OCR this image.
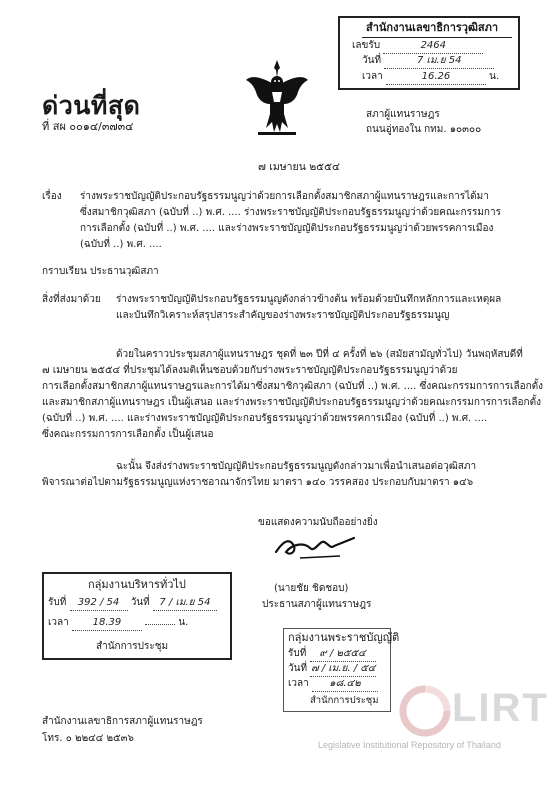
สำนักงานเลขาธิการวุฒิสภา
เลขรับ	2464
วันที่	7 เม.ย 54
เวลา	16.26	น.
ด่วนที่สุด
ที่ สผ ๐๐๑๔/๓๗๓๔
สภาผู้แทนราษฎร
ถนนอู่ทองใน กทม. ๑๐๓๐๐
๗ เมษายน ๒๕๕๔
เรื่อง ร่างพระราชบัญญัติประกอบรัฐธรรมนูญว่าด้วยการเลือกตั้งสมาชิกสภาผู้แทนราษฎรและการได้มา
ซึ่งสมาชิกวุฒิสภา (ฉบับที่ ..) พ.ศ. .... ร่างพระราชบัญญัติประกอบรัฐธรรมนูญว่าด้วยคณะกรรมการ
การเลือกตั้ง (ฉบับที่ ..) พ.ศ. .... และร่างพระราชบัญญัติประกอบรัฐธรรมนูญว่าด้วยพรรคการเมือง
(ฉบับที่ ..) พ.ศ. ....
กราบเรียน ประธานวุฒิสภา
สิ่งที่ส่งมาด้วย ร่างพระราชบัญญัติประกอบรัฐธรรมนูญดังกล่าวข้างต้น พร้อมด้วยบันทึกหลักการและเหตุผล
และบันทึกวิเคราะห์สรุปสาระสำคัญของร่างพระราชบัญญัติประกอบรัฐธรรมนูญ
ด้วยในคราวประชุมสภาผู้แทนราษฎร ชุดที่ ๒๓ ปีที่ ๔ ครั้งที่ ๒๖ (สมัยสามัญทั่วไป) วันพฤหัสบดีที่
๗ เมษายน ๒๕๕๔ ที่ประชุมได้ลงมติเห็นชอบด้วยกับร่างพระราชบัญญัติประกอบรัฐธรรมนูญว่าด้วย
การเลือกตั้งสมาชิกสภาผู้แทนราษฎรและการได้มาซึ่งสมาชิกวุฒิสภา (ฉบับที่ ..) พ.ศ. .... ซึ่งคณะกรรมการการเลือกตั้ง
และสมาชิกสภาผู้แทนราษฎร เป็นผู้เสนอ และร่างพระราชบัญญัติประกอบรัฐธรรมนูญว่าด้วยคณะกรรมการการเลือกตั้ง
(ฉบับที่ ..) พ.ศ. .... และร่างพระราชบัญญัติประกอบรัฐธรรมนูญว่าด้วยพรรคการเมือง (ฉบับที่ ..) พ.ศ. ....
ซึ่งคณะกรรมการการเลือกตั้ง เป็นผู้เสนอ
ฉะนั้น จึงส่งร่างพระราชบัญญัติประกอบรัฐธรรมนูญดังกล่าวมาเพื่อนำเสนอต่อวุฒิสภา
พิจารณาต่อไปตามรัฐธรรมนูญแห่งราชอาณาจักรไทย มาตรา ๑๔๐ วรรคสอง ประกอบกับมาตรา ๑๔๖
ขอแสดงความนับถืออย่างยิ่ง
(นายชัย ชิดชอบ)
ประธานสภาผู้แทนราษฎร
กลุ่มงานบริหารทั่วไป
รับที่ 392 / 54 วันที่ 7 / เม.ย 54
เวลา 18.39	น.
สำนักการประชุม
กลุ่มงานพระราชบัญญัติ
รับที่ ๙ / ๒๕๕๔
วันที่ ๗ / เม.ย. / ๕๔
เวลา ๑๘.๔๒
สำนักการประชุม LIRT
Legislative Institutional Repository of Thailand
สำนักงานเลขาธิการสภาผู้แทนราษฎร
โทร. ๐ ๒๒๔๔ ๒๕๓๖
